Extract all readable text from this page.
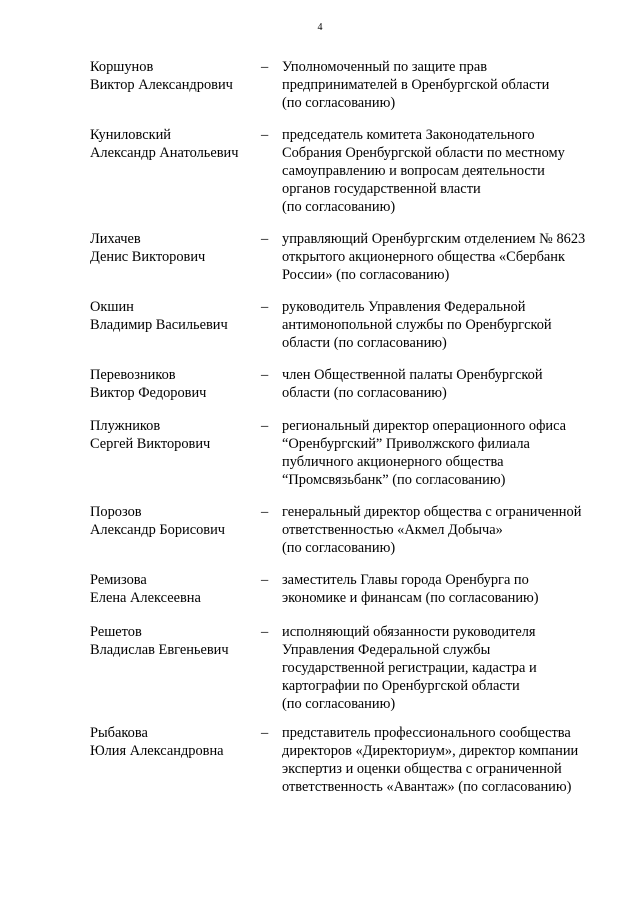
4
Коршунов
Виктор Александрович
– Уполномоченный по защите прав
предпринимателей в Оренбургской области
(по согласованию)
Куниловский
Александр Анатольевич
– председатель комитета Законодательного
Собрания Оренбургской области по местному
самоуправлению и вопросам деятельности
органов государственной власти
(по согласованию)
Лихачев
Денис Викторович
– управляющий Оренбургским отделением № 8623
открытого акционерного общества «Сбербанк
России» (по согласованию)
Окшин
Владимир Васильевич
– руководитель Управления Федеральной
антимонопольной службы по Оренбургской
области (по согласованию)
Перевозников
Виктор Федорович
– член Общественной палаты Оренбургской
области (по согласованию)
Плужников
Сергей Викторович
– региональный директор операционного офиса
“Оренбургский” Приволжского филиала
публичного акционерного общества
“Промсвязьбанк” (по согласованию)
Порозов
Александр Борисович
– генеральный директор общества с ограниченной
ответственностью «Акмел Добыча»
(по согласованию)
Ремизова
Елена Алексеевна
– заместитель Главы города Оренбурга по
экономике и финансам (по согласованию)
Решетов
Владислав Евгеньевич
– исполняющий обязанности руководителя
Управления Федеральной службы
государственной регистрации, кадастра и
картографии по Оренбургской области
(по согласованию)
Рыбакова
Юлия Александровна
– представитель профессионального сообщества
директоров «Директориум», директор компании
экспертиз и оценки общества с ограниченной
ответственность «Авантаж» (по согласованию)
